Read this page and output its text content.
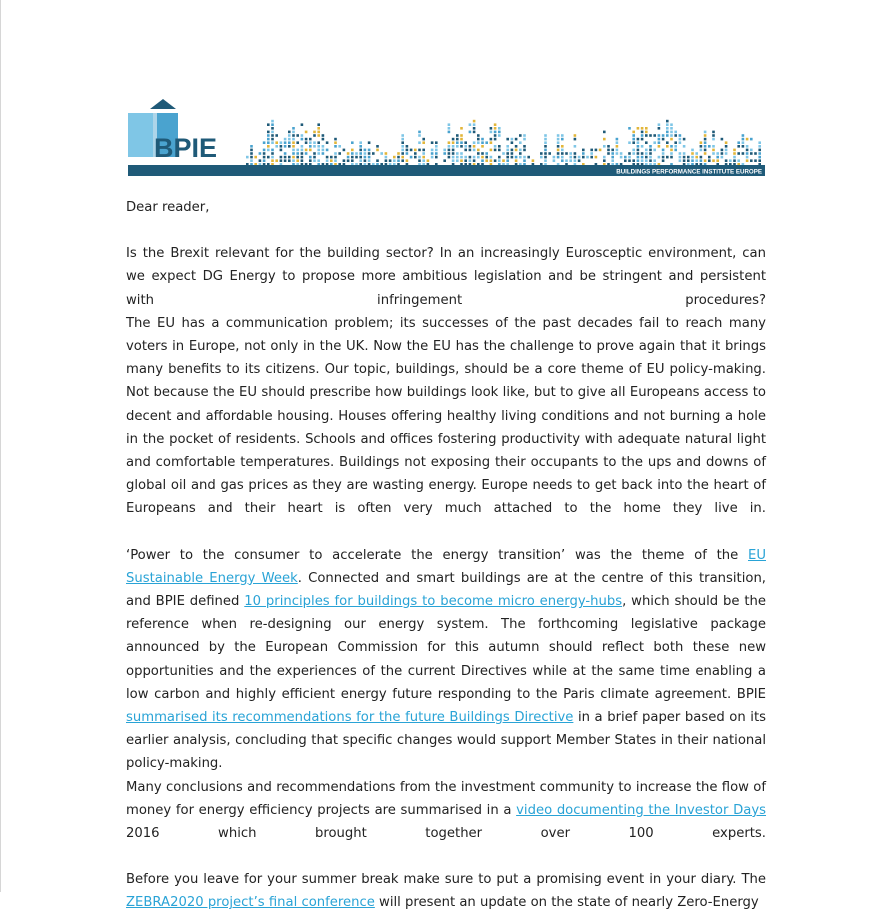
BPIE
BUILDINGS PERFORMANCE INSTITUTE EUROPE

Dear reader,

Is the Brexit relevant for the building sector? In an increasingly Eurosceptic environment, can we expect DG Energy to propose more ambitious legislation and be stringent and persistent with infringement procedures?
The EU has a communication problem; its successes of the past decades fail to reach many voters in Europe, not only in the UK. Now the EU has the challenge to prove again that it brings many benefits to its citizens. Our topic, buildings, should be a core theme of EU policy-making. Not because the EU should prescribe how buildings look like, but to give all Europeans access to decent and affordable housing. Houses offering healthy living conditions and not burning a hole in the pocket of residents. Schools and offices fostering productivity with adequate natural light and comfortable temperatures. Buildings not exposing their occupants to the ups and downs of global oil and gas prices as they are wasting energy. Europe needs to get back into the heart of Europeans and their heart is often very much attached to the home they live in.

‘Power to the consumer to accelerate the energy transition’ was the theme of the EU Sustainable Energy Week. Connected and smart buildings are at the centre of this transition, and BPIE defined 10 principles for buildings to become micro energy-hubs, which should be the reference when re-designing our energy system. The forthcoming legislative package announced by the European Commission for this autumn should reflect both these new opportunities and the experiences of the current Directives while at the same time enabling a low carbon and highly efficient energy future responding to the Paris climate agreement. BPIE summarised its recommendations for the future Buildings Directive in a brief paper based on its earlier analysis, concluding that specific changes would support Member States in their national policy-making.
Many conclusions and recommendations from the investment community to increase the flow of money for energy efficiency projects are summarised in a video documenting the Investor Days 2016 which brought together over 100 experts.

Before you leave for your summer break make sure to put a promising event in your diary. The ZEBRA2020 project’s final conference will present an update on the state of nearly Zero-Energy
